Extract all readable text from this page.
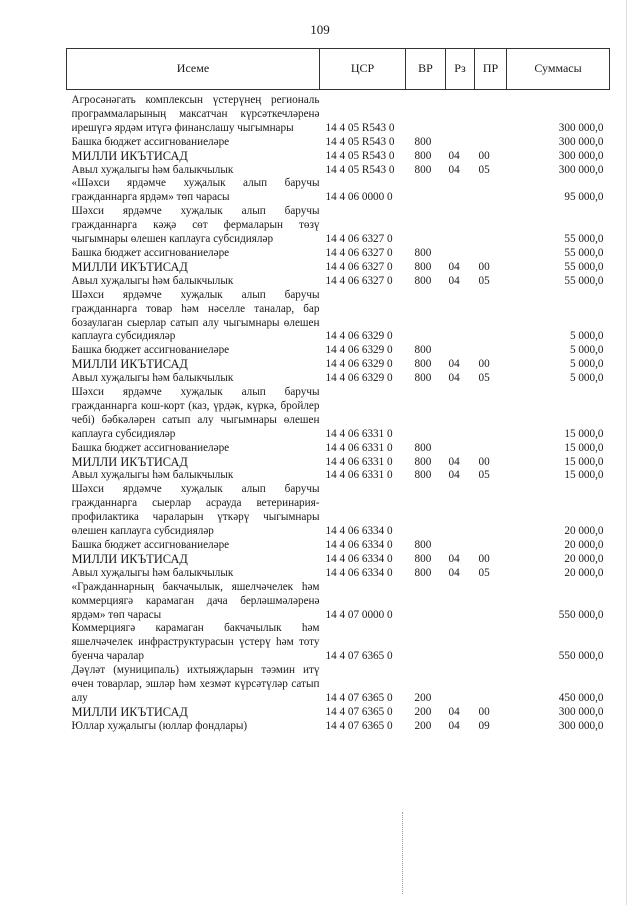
109
Исеме	ЦСР	ВР	Рз	ПР	Суммасы
Агросәнәгать комплексын үстерүнең региональ программаларының максатчан күрсәткечләренә ирешүгә ярдәм итүгә финанслашу чыгымнары	14 4 05 R543 0				300 000,0
Башка бюджет ассигнованиеләре	14 4 05 R543 0	800			300 000,0
МИЛЛИ ИКЪТИСАД	14 4 05 R543 0	800	04	00	300 000,0
Авыл хуҗалыгы һәм балыкчылык	14 4 05 R543 0	800	04	05	300 000,0
«Шәхси ярдәмче хуҗалык алып баручы гражданнарга ярдәм» төп чарасы	14 4 06 0000 0				95 000,0
Шәхси ярдәмче хуҗалык алып баручы гражданнарга кәҗә сөт фермаларын төзү чыгымнары өлешен каплауга субсидияләр	14 4 06 6327 0				55 000,0
Башка бюджет ассигнованиеләре	14 4 06 6327 0	800			55 000,0
МИЛЛИ ИКЪТИСАД	14 4 06 6327 0	800	04	00	55 000,0
Авыл хуҗалыгы һәм балыкчылык	14 4 06 6327 0	800	04	05	55 000,0
Шәхси ярдәмче хуҗалык алып баручы гражданнарга товар һәм нәселле таналар, бар бозаулаган сыерлар сатып алу чыгымнары өлешен каплауга субсидияләр	14 4 06 6329 0				5 000,0
Башка бюджет ассигнованиеләре	14 4 06 6329 0	800			5 000,0
МИЛЛИ ИКЪТИСАД	14 4 06 6329 0	800	04	00	5 000,0
Авыл хуҗалыгы һәм балыкчылык	14 4 06 6329 0	800	04	05	5 000,0
Шәхси ярдәмче хуҗалык алып баручы гражданнарга кош-корт (каз, үрдәк, күркә, бройлер чебі) бәбкәләрен сатып алу чыгымнары өлешен каплауга субсидияләр	14 4 06 6331 0				15 000,0
Башка бюджет ассигнованиеләре	14 4 06 6331 0	800			15 000,0
МИЛЛИ ИКЪТИСАД	14 4 06 6331 0	800	04	00	15 000,0
Авыл хуҗалыгы һәм балыкчылык	14 4 06 6331 0	800	04	05	15 000,0
Шәхси ярдәмче хуҗалык алып баручы гражданнарга сыерлар асрауда ветеринария-профилактика чараларын үткәрү чыгымнары өлешен каплауга субсидияләр	14 4 06 6334 0				20 000,0
Башка бюджет ассигнованиеләре	14 4 06 6334 0	800			20 000,0
МИЛЛИ ИКЪТИСАД	14 4 06 6334 0	800	04	00	20 000,0
Авыл хуҗалыгы һәм балыкчылык	14 4 06 6334 0	800	04	05	20 000,0
«Гражданнарның бакчачылык, яшелчәчелек һәм коммерциягә карамаган дача берләшмәләренә ярдәм» төп чарасы	14 4 07 0000 0				550 000,0
Коммерциягә карамаган бакчачылык һәм яшелчәчелек инфраструктурасын үстерү һәм тоту буенча чаралар	14 4 07 6365 0				550 000,0
Дәүләт (муниципаль) ихтыяҗларын тәэмин итү өчен товарлар, эшләр һәм хезмәт күрсәтүләр сатып алу	14 4 07 6365 0	200			450 000,0
МИЛЛИ ИКЪТИСАД	14 4 07 6365 0	200	04	00	300 000,0
Юллар хуҗалыгы (юллар фондлары)	14 4 07 6365 0	200	04	09	300 000,0
